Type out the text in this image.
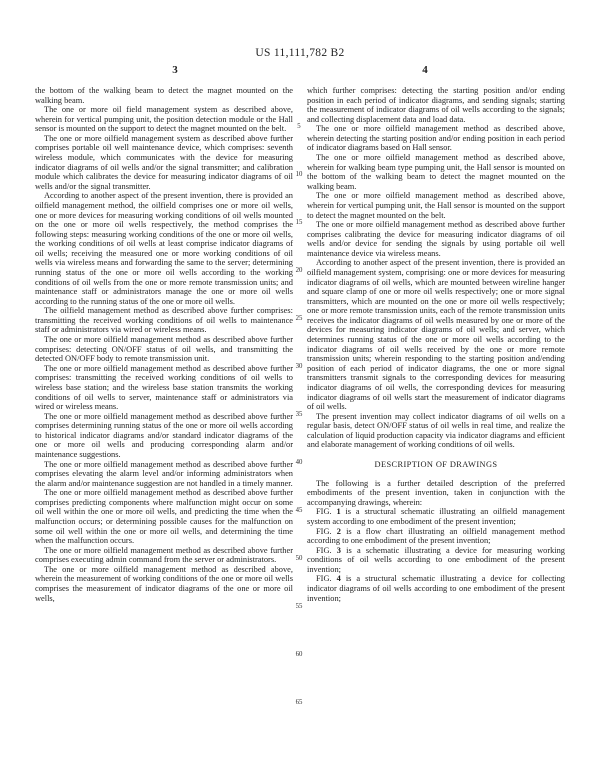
US 11,111,782 B2
3	4

the bottom of the walking beam to detect the magnet mounted on the walking beam.

The one or more oil field management system as described above, wherein for vertical pumping unit, the position detection module or the Hall sensor is mounted on the support to detect the magnet mounted on the belt.

The one or more oilfield management system as described above further comprises portable oil well maintenance device, which comprises: seventh wireless module, which communicates with the device for measuring indicator diagrams of oil wells and/or the signal transmitter; and calibration module which calibrates the device for measuring indicator diagrams of oil wells and/or the signal transmitter.

According to another aspect of the present invention, there is provided an oilfield management method, the oilfield comprises one or more oil wells, one or more devices for measuring working conditions of oil wells mounted on the one or more oil wells respectively, the method comprises the following steps: measuring working conditions of the one or more oil wells, the working conditions of oil wells at least comprise indicator diagrams of oil wells; receiving the measured one or more working conditions of oil wells via wireless means and forwarding the same to the server; determining running status of the one or more oil wells according to the working conditions of oil wells from the one or more remote transmission units; and maintenance staff or administrators manage the one or more oil wells according to the running status of the one or more oil wells.

The oilfield management method as described above further comprises: transmitting the received working conditions of oil wells to maintenance staff or administrators via wired or wireless means.

The one or more oilfield management method as described above further comprises: detecting ON/OFF status of oil wells, and transmitting the detected ON/OFF body to remote transmission unit.

The one or more oilfield management method as described above further comprises: transmitting the received working conditions of oil wells to wireless base station; and the wireless base station transmits the working conditions of oil wells to server, maintenance staff or administrators via wired or wireless means.

The one or more oilfield management method as described above further comprises determining running status of the one or more oil wells according to historical indicator diagrams and/or standard indicator diagrams of the one or more oil wells and producing corresponding alarm and/or maintenance suggestions.

The one or more oilfield management method as described above further comprises elevating the alarm level and/or informing administrators when the alarm and/or maintenance suggestion are not handled in a timely manner.

The one or more oilfield management method as described above further comprises predicting components where malfunction might occur on some oil well within the one or more oil wells, and predicting the time when the malfunction occurs; or determining possible causes for the malfunction on some oil well within the one or more oil wells, and determining the time when the malfunction occurs.

The one or more oilfield management method as described above further comprises executing admin command from the server or administrators.

The one or more oilfield management method as described above, wherein the measurement of working conditions of the one or more oil wells comprises the measurement of indicator diagrams of the one or more oil wells,

which further comprises: detecting the starting position and/or ending position in each period of indicator diagrams, and sending signals; starting the measurement of indicator diagrams of oil wells according to the signals; and collecting displacement data and load data.

The one or more oilfield management method as described above, wherein detecting the starting position and/or ending position in each period of indicator diagrams based on Hall sensor.

The one or more oilfield management method as described above, wherein for walking beam type pumping unit, the Hall sensor is mounted on the bottom of the walking beam to detect the magnet mounted on the walking beam.

The one or more oilfield management method as described above, wherein for vertical pumping unit, the Hall sensor is mounted on the support to detect the magnet mounted on the belt.

The one or more oilfield management method as described above further comprises calibrating the device for measuring indicator diagrams of oil wells and/or device for sending the signals by using portable oil well maintenance device via wireless means.

According to another aspect of the present invention, there is provided an oilfield management system, comprising: one or more devices for measuring indicator diagrams of oil wells, which are mounted between wireline hanger and square clamp of one or more oil wells respectively; one or more signal transmitters, which are mounted on the one or more oil wells respectively; one or more remote transmission units, each of the remote transmission units receives the indicator diagrams of oil wells measured by one or more of the devices for measuring indicator diagrams of oil wells; and server, which determines running status of the one or more oil wells according to the indicator diagrams of oil wells received by the one or more remote transmission units; wherein responding to the starting position and/ending position of each period of indicator diagrams, the one or more signal transmitters transmit signals to the corresponding devices for measuring indicator diagrams of oil wells, the corresponding devices for measuring indicator diagrams of oil wells start the measurement of indicator diagrams of oil wells.

The present invention may collect indicator diagrams of oil wells on a regular basis, detect ON/OFF status of oil wells in real time, and realize the calculation of liquid production capacity via indicator diagrams and efficient and elaborate management of working conditions of oil wells.

DESCRIPTION OF DRAWINGS

The following is a further detailed description of the preferred embodiments of the present invention, taken in conjunction with the accompanying drawings, wherein:

FIG. 1 is a structural schematic illustrating an oilfield management system according to one embodiment of the present invention;

FIG. 2 is a flow chart illustrating an oilfield management method according to one embodiment of the present invention;

FIG. 3 is a schematic illustrating a device for measuring working conditions of oil wells according to one embodiment of the present invention;

FIG. 4 is a structural schematic illustrating a device for collecting indicator diagrams of oil wells according to one embodiment of the present invention;

5
10
15
20
25
30
35
40
45
50
55
60
65
